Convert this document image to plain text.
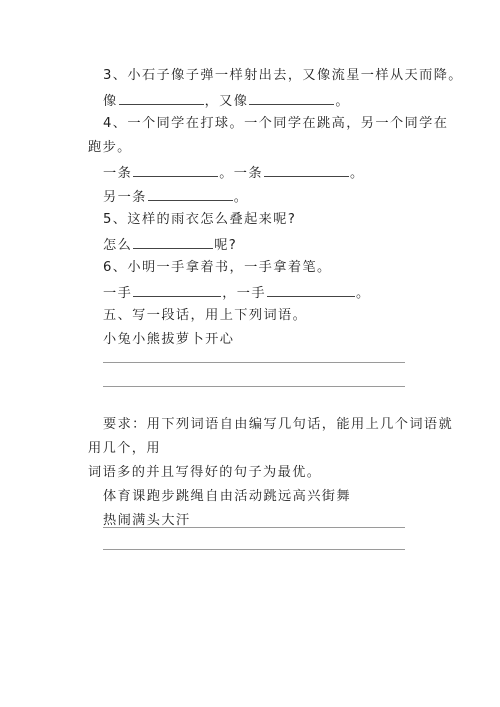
3、小石子像子弹一样射出去，又像流星一样从天而降。
像	，又像	。
4、一个同学在打球。一个同学在跳高，另一个同学在
跑步。
一条	。一条	。
另一条	。
5、这样的雨衣怎么叠起来呢?
怎么	呢?
6、小明一手拿着书，一手拿着笔。
一手	，一手	。
五、写一段话，用上下列词语。
小兔小熊拔萝卜开心
要求：用下列词语自由编写几句话，能用上几个词语就
用几个，用
词语多的并且写得好的句子为最优。
体育课跑步跳绳自由活动跳远高兴街舞
热闹满头大汗
